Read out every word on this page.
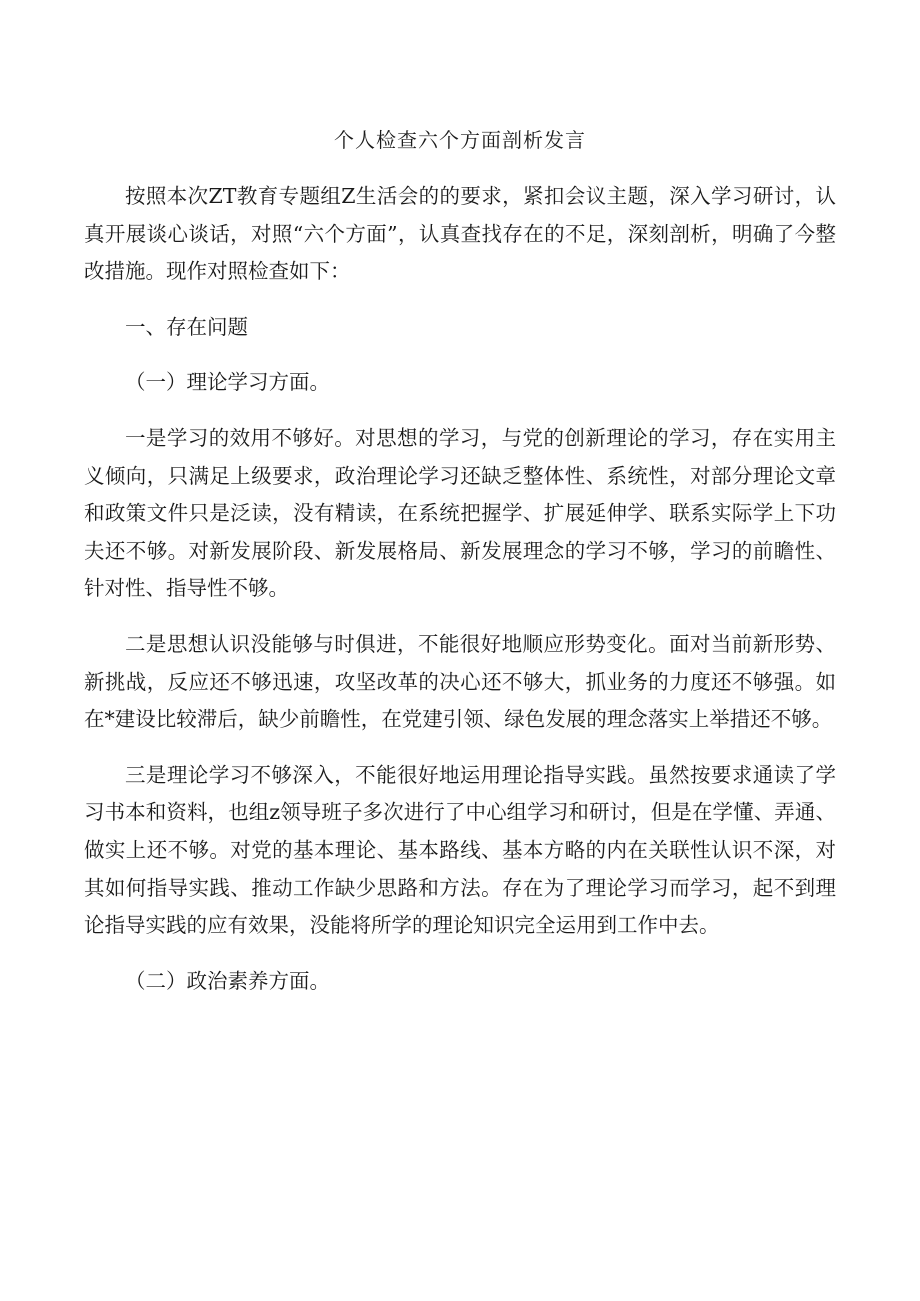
个人检查六个方面剖析发言

按照本次ZT教育专题组Z生活会的的要求，紧扣会议主题，深入学习研讨，认真开展谈心谈话，对照“六个方面”，认真查找存在的不足，深刻剖析，明确了今整改措施。现作对照检查如下：

一、存在问题

（一）理论学习方面。

一是学习的效用不够好。对思想的学习，与党的创新理论的学习，存在实用主义倾向，只满足上级要求，政治理论学习还缺乏整体性、系统性，对部分理论文章和政策文件只是泛读，没有精读，在系统把握学、扩展延伸学、联系实际学上下功夫还不够。对新发展阶段、新发展格局、新发展理念的学习不够，学习的前瞻性、针对性、指导性不够。

二是思想认识没能够与时俱进，不能很好地顺应形势变化。面对当前新形势、新挑战，反应还不够迅速，攻坚改革的决心还不够大，抓业务的力度还不够强。如在*建设比较滞后，缺少前瞻性，在党建引领、绿色发展的理念落实上举措还不够。

三是理论学习不够深入，不能很好地运用理论指导实践。虽然按要求通读了学习书本和资料，也组z领导班子多次进行了中心组学习和研讨，但是在学懂、弄通、做实上还不够。对党的基本理论、基本路线、基本方略的内在关联性认识不深，对其如何指导实践、推动工作缺少思路和方法。存在为了理论学习而学习，起不到理论指导实践的应有效果，没能将所学的理论知识完全运用到工作中去。

（二）政治素养方面。
